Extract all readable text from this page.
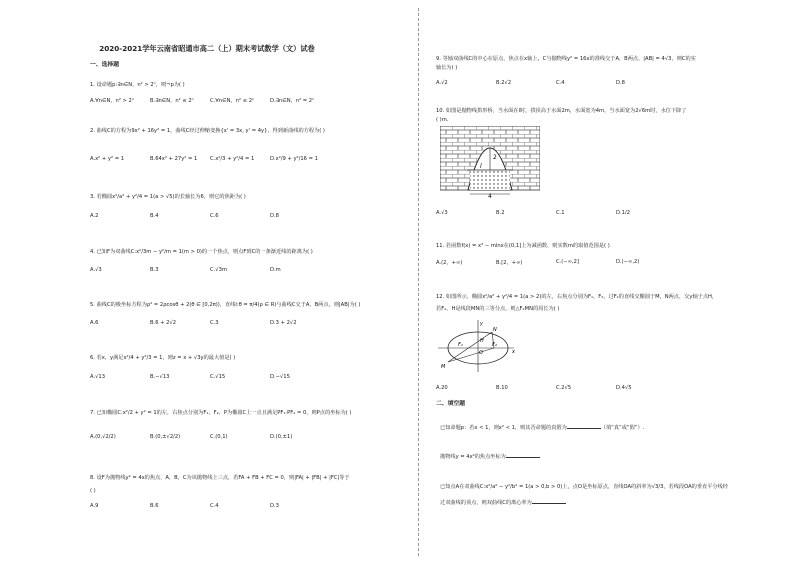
2020-2021学年云南省昭通市高二（上）期末考试数学（文）试卷
一、选择题
1. 设命题p:∃n∈N，n² > 2ⁿ，则¬p为( )
A.∀n∈N，n² > 2ⁿ	B.∃n∈N，n² ≤ 2ⁿ	C.∀n∈N，n² ≤ 2ⁿ	D.∃n∈N，n² = 2ⁿ
2. 曲线C的方程为9x² + 16y² = 1，曲线C经过伸缩变换{x' = 3x, y' = 4y}，得到新曲线的方程为( )
A.x² + y² = 1	B.64x² + 27y² = 1 C.x²/3 + y²/4 = 1	D.x²/9 + y²/16 = 1
3. 若椭圆x²/a² + y²/4 = 1(a > √5)的长轴长为6，则它的焦距为( )
A.2	B.4	C.6	D.8
4. 已知F为双曲线C:x²/3m − y²/m = 1(m > 0)的一个焦点，则点F到C的一条渐近线的距离为( )
A.√3	B.3	C.√3m	D.m
5. 曲线C的极坐标方程为ρ² = 2ρcosθ + 2(θ ∈ [0,2π))，直线l:θ = π/4(ρ ∈ R)与曲线C交于A，B两点，则|AB|为( )
A.6	B.6 + 2√2	C.3	D.3 + 2√2
6. 若x，y满足x²/4 + y²/3 = 1，则z = x + √3y的最大值是( )
A.√13	B.−√13	C.√15	D.−√15
7. 已知椭圆C:x²/2 + y² = 1的左，右焦点分别为F₁，F₂，P为椭圆C上一点且满足PF₁·PF₂ = 0，则P点的坐标为( )
A.(0,√2/2)	B.(0,±√2/2)	C.(0,1)	D.(0,±1)
8. 设F为抛物线y² = 4x的焦点，A，B，C为该抛物线上三点，若FA + FB + FC = 0，则|FA| + |FB| + |FC|等于
( )
A.9	B.6	C.4	D.3
9. 等轴双曲线C的中心在原点，焦点在x轴上，C与抛物线y² = 16x的准线交于A，B两点，|AB| = 4√3，则C的实
轴长为( )
A.√2	B.2√2	C.4	D.8
10. 如图是抛物线拱形桥，当水面在l时，拱顶高于水面2m，水面宽为4m，当水面宽为2√6m时，水位下降了
( )m.
2
l
4
A.√3	B.2	C.1	D.1/2
11. 若函数f(x) = x³ − mlnx在(0,1]上为减函数，则实数m的取值范围是( )
A.(2，+∞)	B.[2，+∞)	C.(−∞,2]	D.(−∞,2)
12. 如图所示，椭圆x²/a² + y²/4 = 1(a > 2)的左，右焦点分别为F₁，F₂，过F₁的直线交椭圆于M，N两点，交y轴于点H，
若F₁，H是线段MN的三等分点，则△F₂MN的周长为( )
x
y
O
F₁	F₂
H
M
N
A.20	B.10	C.2√5	D.4√5
二、填空题
已知命题p：若x < 1，则x² < 1，则其否命题的真假为	（填“真”或“假”）.
抛物线y = 4x²的焦点坐标为
已知点A在双曲线C:x²/a² − y²/b² = 1(a > 0,b > 0)上，点O是坐标原点，直线OA的斜率为√3/3，若线段OA的垂直平分线经
过双曲线的顶点，则双曲线C的离心率为
